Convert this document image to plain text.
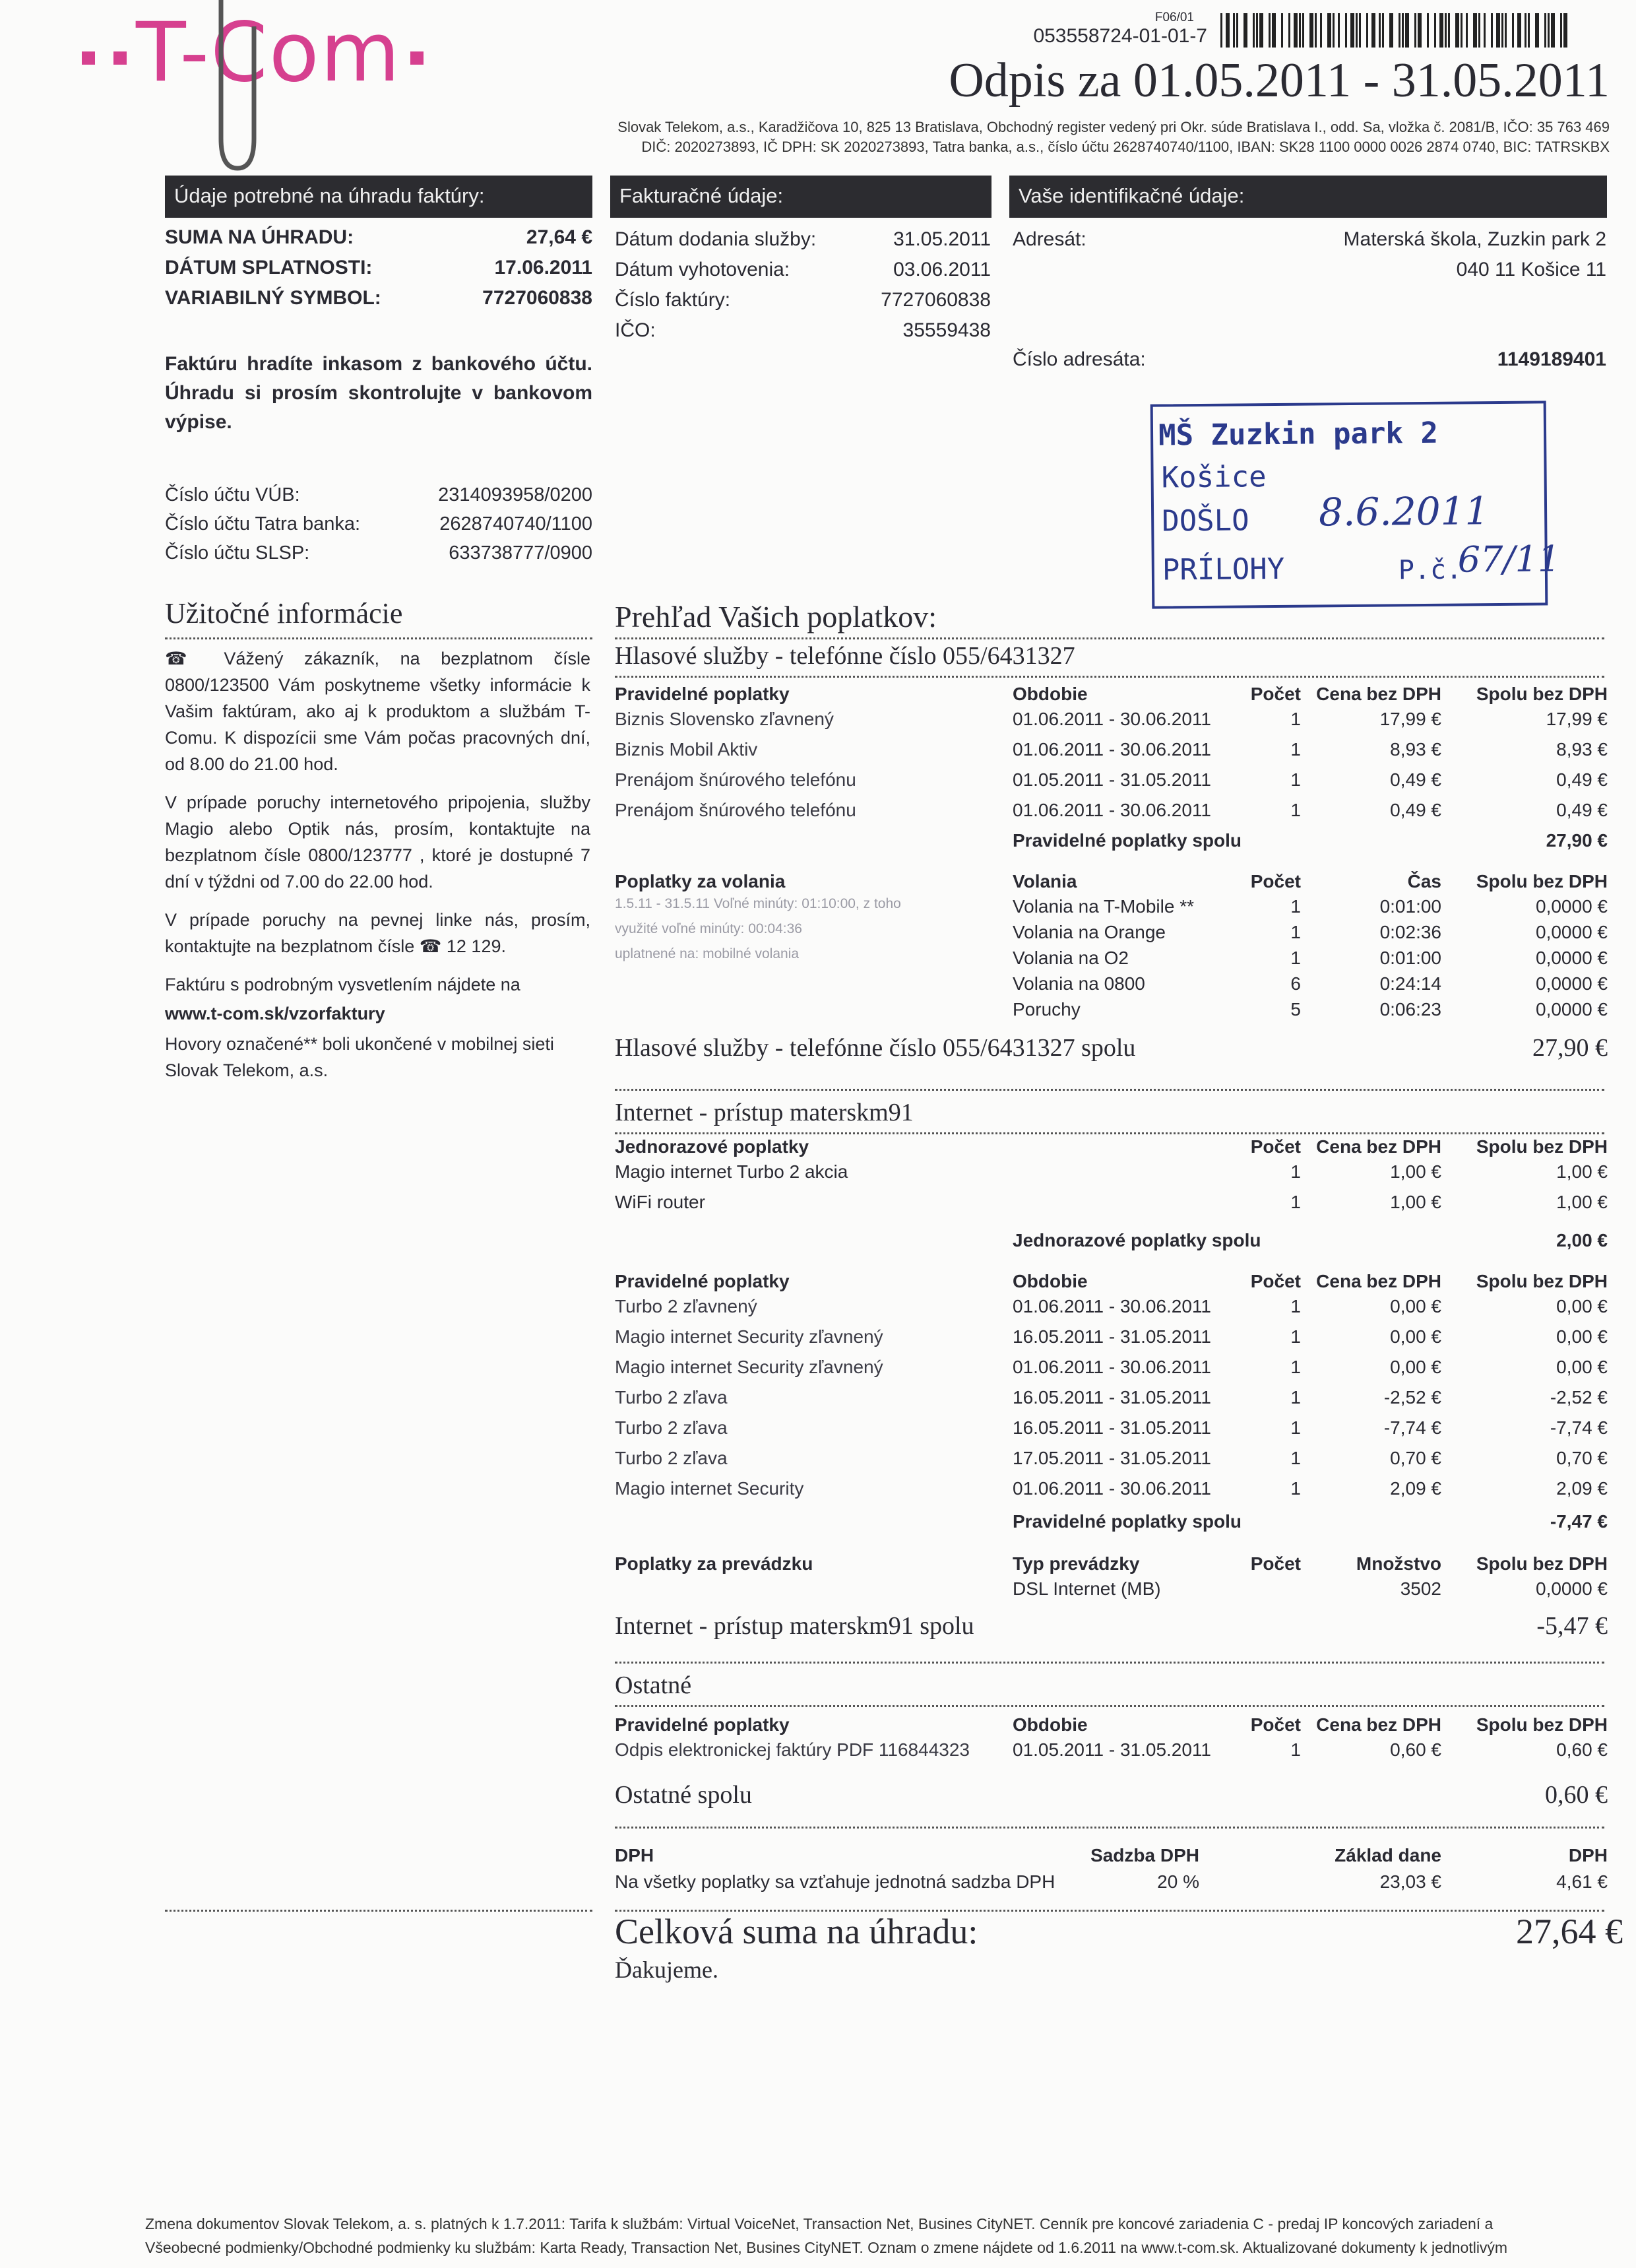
T-Com	F06/01
053558724-01-01-7
Odpis za 01.05.2011 - 31.05.2011
Slovak Telekom, a.s., Karadžičova 10, 825 13 Bratislava, Obchodný register vedený pri Okr. súde Bratislava I., odd. Sa, vložka č. 2081/B, IČO: 35 763 469
DIČ: 2020273893, IČ DPH: SK 2020273893, Tatra banka, a.s., číslo účtu 2628740740/1100, IBAN: SK28 1100 0000 0026 2874 0740, BIC: TATRSKBX
Údaje potrebné na úhradu faktúry:	Fakturačné údaje:	Vaše identifikačné údaje:
SUMA NA ÚHRADU:	27,64 €
DÁTUM SPLATNOSTI:	17.06.2011
VARIABILNÝ SYMBOL:	7727060838
Faktúru hradíte inkasom z bankového účtu. Úhradu si prosím skontrolujte v bankovom výpise.
Číslo účtu VÚB:	2314093958/0200
Číslo účtu Tatra banka:	2628740740/1100
Číslo účtu SLSP:	633738777/0900
Dátum dodania služby:	31.05.2011
Dátum vyhotovenia:	03.06.2011
Číslo faktúry:	7727060838
IČO:	35559438
Adresát:	Materská škola, Zuzkin park 2
040 11 Košice 11
Číslo adresáta:	1149189401
MŠ Zuzkin park 2
Košice
DOŠLO 8.6.2011
PRÍLOHY	P.č.
67/11
Užitočné informácie

☎ Vážený zákazník, na bezplatnom čísle 0800/123500 Vám poskytneme všetky informácie k Vašim faktúram, ako aj k produktom a službám T-Comu. K dispozícii sme Vám počas pracovných dní, od 8.00 do 21.00 hod.

V prípade poruchy internetového pripojenia, služby Magio alebo Optik nás, prosím, kontaktujte na bezplatnom čísle 0800/123777 , ktoré je dostupné 7 dní v týždni od 7.00 do 22.00 hod.

V prípade poruchy na pevnej linke nás, prosím, kontaktujte na bezplatnom čísle ☎ 12 129.

Faktúru s podrobným vysvetlením nájdete na

www.t-com.sk/vzorfaktury

Hovory označené** boli ukončené v mobilnej sieti Slovak Telekom, a.s.

Prehľad Vašich poplatkov:
Hlasové služby - telefónne číslo 055/6431327
Pravidelné poplatky	Obdobie	Počet Cena bez DPH	Spolu bez DPH
Biznis Slovensko zľavnený	01.06.2011 - 30.06.2011	1	17,99 €	17,99 €
Biznis Mobil Aktiv	01.06.2011 - 30.06.2011	1	8,93 €	8,93 €
Prenájom šnúrového telefónu	01.05.2011 - 31.05.2011	1	0,49 €	0,49 €
Prenájom šnúrového telefónu	01.06.2011 - 30.06.2011	1	0,49 €	0,49 €
Pravidelné poplatky spolu	27,90 €
Poplatky za volania	Volania	Počet	Čas	Spolu bez DPH
1.5.11 - 31.5.11 Voľné minúty: 01:10:00, z toho
využité voľné minúty: 00:04:36
uplatnené na: mobilné volania
Volania na T-Mobile **	1	0:01:00	0,0000 €
Volania na Orange	1	0:02:36	0,0000 €
Volania na O2	1	0:01:00	0,0000 €
Volania na 0800	6	0:24:14	0,0000 €
Poruchy	5	0:06:23	0,0000 €
Hlasové služby - telefónne číslo 055/6431327 spolu	27,90 €
Jednorazové poplatky	Počet Cena bez DPH	Spolu bez DPH
Magio internet Turbo 2 akcia	1	1,00 €	1,00 €
WiFi router	1	1,00 €	1,00 €
Jednorazové poplatky spolu	2,00 €
Pravidelné poplatky	Obdobie	Počet Cena bez DPH	Spolu bez DPH
Turbo 2 zľavnený	01.06.2011 - 30.06.2011	1	0,00 €	0,00 €
Magio internet Security zľavnený	16.05.2011 - 31.05.2011	1	0,00 €	0,00 €
Magio internet Security zľavnený	01.06.2011 - 30.06.2011	1	0,00 €	0,00 €
Turbo 2 zľava	16.05.2011 - 31.05.2011	1	-2,52 €	-2,52 €
Turbo 2 zľava	16.05.2011 - 31.05.2011	1	-7,74 €	-7,74 €
Turbo 2 zľava	17.05.2011 - 31.05.2011	1	0,70 €	0,70 €
Magio internet Security	01.06.2011 - 30.06.2011	1	2,09 €	2,09 €
Pravidelné poplatky spolu	-7,47 €
Poplatky za prevádzku	Typ prevádzky	Počet	Množstvo	Spolu bez DPH
DSL Internet (MB)	3502	0,0000 €
Internet - prístup materskm91 spolu	-5,47 €
Pravidelné poplatky	Obdobie	Počet Cena bez DPH	Spolu bez DPH
Odpis elektronickej faktúry PDF 116844323 01.05.2011 - 31.05.2011	1	0,60 €	0,60 €
Ostatné spolu	0,60 €
Internet - prístup materskm91
Ostatné
DPH	Sadzba DPH	Základ dane	DPH
Na všetky poplatky sa vzťahuje jednotná sadzba DPH	20 %	23,03 €	4,61 €
Celková suma na úhradu:	27,64 €
Ďakujeme.
Zmena dokumentov Slovak Telekom, a. s. platných k 1.7.2011: Tarifa k službám: Virtual VoiceNet, Transaction Net, Busines CityNET. Cenník pre koncové zariadenia C - predaj IP koncových zariadení a
Všeobecné podmienky/Obchodné podmienky ku službám: Karta Ready, Transaction Net, Busines CityNET. Oznam o zmene nájdete od 1.6.2011 na www.t-com.sk. Aktualizované dokumenty k jednotlivým
